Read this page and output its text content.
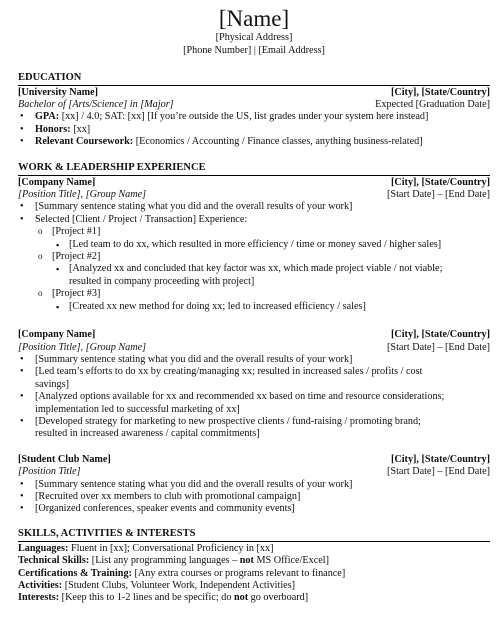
[Name]
[Physical Address]
[Phone Number] | [Email Address]
EDUCATION
[University Name]	[City], [State/Country]
Bachelor of [Arts/Science] in [Major]	Expected [Graduation Date]
• GPA: [xx] / 4.0; SAT: [xx] [If you’re outside the US, list grades under your system here instead]
• Honors: [xx]
• Relevant Coursework: [Economics / Accounting / Finance classes, anything business-related]
WORK & LEADERSHIP EXPERIENCE
[Company Name]	[City], [State/Country]
[Position Title], [Group Name]	[Start Date] – [End Date]
• [Summary sentence stating what you did and the overall results of your work]
• Selected [Client / Project / Transaction] Experience:
o [Project #1]
▪ [Led team to do xx, which resulted in more efficiency / time or money saved / higher sales]
o [Project #2]
▪ [Analyzed xx and concluded that key factor was xx, which made project viable / not viable;
resulted in company proceeding with project]
o [Project #3]
▪ [Created xx new method for doing xx; led to increased efficiency / sales]
[Company Name]	[City], [State/Country]
[Position Title], [Group Name]	[Start Date] – [End Date]
• [Summary sentence stating what you did and the overall results of your work]
• [Led team’s efforts to do xx by creating/managing xx; resulted in increased sales / profits / cost
savings]
• [Analyzed options available for xx and recommended xx based on time and resource considerations;
implementation led to successful marketing of xx]
• [Developed strategy for marketing to new prospective clients / fund-raising / promoting brand;
resulted in increased awareness / capital commitments]
[Student Club Name]	[City], [State/Country]
[Position Title]	[Start Date] – [End Date]
• [Summary sentence stating what you did and the overall results of your work]
• [Recruited over xx members to club with promotional campaign]
• [Organized conferences, speaker events and community events]
SKILLS, ACTIVITIES & INTERESTS
Languages: Fluent in [xx]; Conversational Proficiency in [xx]
Technical Skills: [List any programming languages – not MS Office/Excel]
Certifications & Training: [Any extra courses or programs relevant to finance]
Activities: [Student Clubs, Volunteer Work, Independent Activities]
Interests: [Keep this to 1-2 lines and be specific; do not go overboard]
